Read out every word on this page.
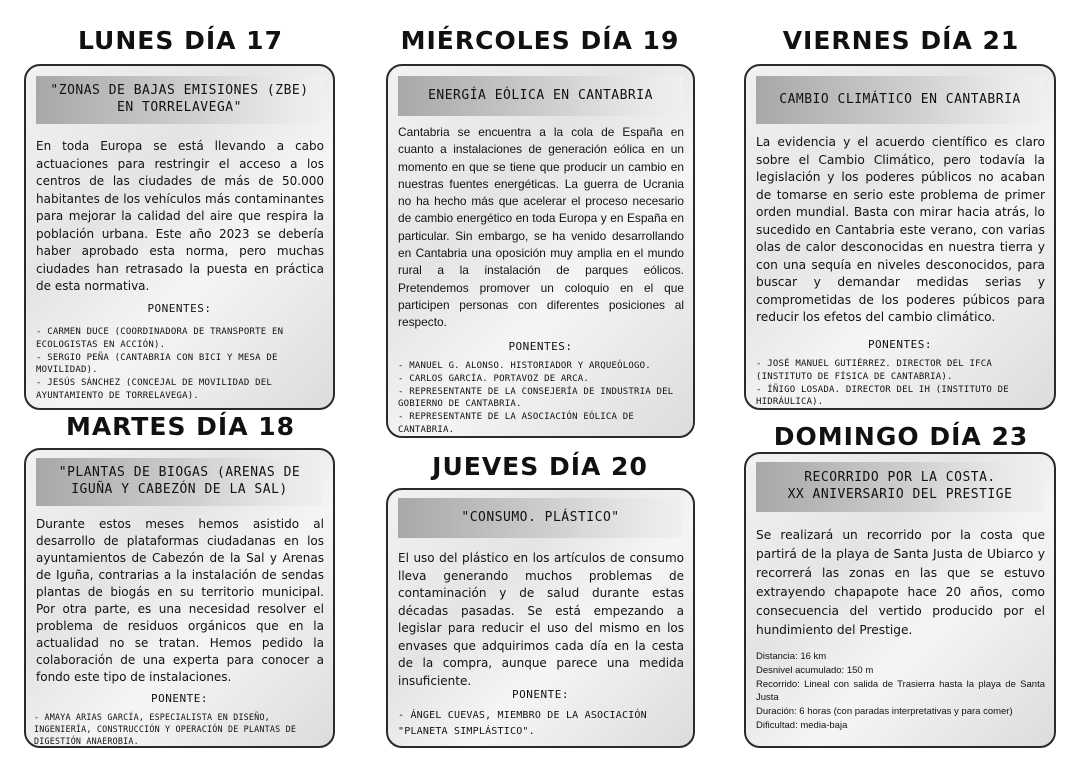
LUNES DÍA 17
"ZONAS DE BAJAS EMISIONES (ZBE)
EN TORRELAVEGA"
En toda Europa se está llevando a cabo actuaciones para restringir el acceso a los centros de las ciudades de más de 50.000 habitantes de los vehículos más contaminantes para mejorar la calidad del aire que respira la población urbana. Este año 2023 se debería haber aprobado esta norma, pero muchas ciudades han retrasado la puesta en práctica de esta normativa.
PONENTES:
- CARMEN DUCE (COORDINADORA DE TRANSPORTE EN ECOLOGISTAS EN ACCIÓN).
- SERGIO PEÑA (CANTABRIA CON BICI Y MESA DE MOVILIDAD).
- JESÚS SÁNCHEZ (CONCEJAL DE MOVILIDAD DEL AYUNTAMIENTO DE TORRELAVEGA).
MARTES DÍA 18
"PLANTAS DE BIOGAS (ARENAS DE
IGUÑA Y CABEZÓN DE LA SAL)
Durante estos meses hemos asistido al desarrollo de plataformas ciudadanas en los ayuntamientos de Cabezón de la Sal y Arenas de Iguña, contrarias a la instalación de sendas plantas de biogás en su territorio municipal. Por otra parte, es una necesidad resolver el problema de residuos orgánicos que en la actualidad no se tratan. Hemos pedido la colaboración de una experta para conocer a fondo este tipo de instalaciones.
PONENTE:
- AMAYA ARIAS GARCÍA, ESPECIALISTA EN DISEÑO, INGENIERÍA, CONSTRUCCIÓN Y OPERACIÓN DE PLANTAS DE DIGESTIÓN ANAEROBIA.
MIÉRCOLES DÍA 19
ENERGÍA EÓLICA EN CANTABRIA
Cantabria se encuentra a la cola de España en cuanto a instalaciones de generación eólica en un momento en que se tiene que producir un cambio en nuestras fuentes energéticas. La guerra de Ucrania no ha hecho más que acelerar el proceso necesario de cambio energético en toda Europa y en España en particular. Sin embargo, se ha venido desarrollando en Cantabria una oposición muy amplia en el mundo rural a la instalación de parques eólicos. Pretendemos promover un coloquio en el que participen personas con diferentes posiciones al respecto.
PONENTES:
- MANUEL G. ALONSO. HISTORIADOR Y ARQUEÓLOGO.
- CARLOS GARCÍA. PORTAVOZ DE ARCA.
- REPRESENTANTE DE LA CONSEJERÍA DE INDUSTRIA DEL GOBIERNO DE CANTABRIA.
- REPRESENTANTE DE LA ASOCIACIÓN EÓLICA DE CANTABRIA.
JUEVES DÍA 20
"CONSUMO. PLÁSTICO"
El uso del plástico en los artículos de consumo lleva generando muchos problemas de contaminación y de salud durante estas décadas pasadas. Se está empezando a legislar para reducir el uso del mismo en los envases que adquirimos cada día en la cesta de la compra, aunque parece una medida insuficiente.
PONENTE:
- ÁNGEL CUEVAS, MIEMBRO DE LA ASOCIACIÓN "PLANETA SIMPLÁSTICO".
VIERNES DÍA 21
CAMBIO CLIMÁTICO EN CANTABRIA
La evidencia y el acuerdo científico es claro sobre el Cambio Climático, pero todavía la legislación y los poderes públicos no acaban de tomarse en serio este problema de primer orden mundial. Basta con mirar hacia atrás, lo sucedido en Cantabria este verano, con varias olas de calor desconocidas en nuestra tierra y con una sequía en niveles desconocidos, para buscar y demandar medidas serias y comprometidas de los poderes púbicos para reducir los efetos del cambio climático.
PONENTES:
- JOSÉ MANUEL GUTIÉRREZ. DIRECTOR DEL IFCA (INSTITUTO DE FÍSICA DE CANTABRIA).
- ÍÑIGO LOSADA. DIRECTOR DEL IH (INSTITUTO DE HIDRÁULICA).
DOMINGO DÍA 23
RECORRIDO POR LA COSTA.
XX ANIVERSARIO DEL PRESTIGE
Se realizará un recorrido por la costa que partirá de la playa de Santa Justa de Ubiarco y recorrerá las zonas en las que se estuvo extrayendo chapapote hace 20 años, como consecuencia del vertido producido por el hundimiento del Prestige.
Distancia: 16 km
Desnivel acumulado: 150 m
Recorrido: Lineal con salida de Trasierra hasta la playa de Santa Justa
Duración: 6 horas (con paradas interpretativas y para comer)
Dificultad: media-baja
